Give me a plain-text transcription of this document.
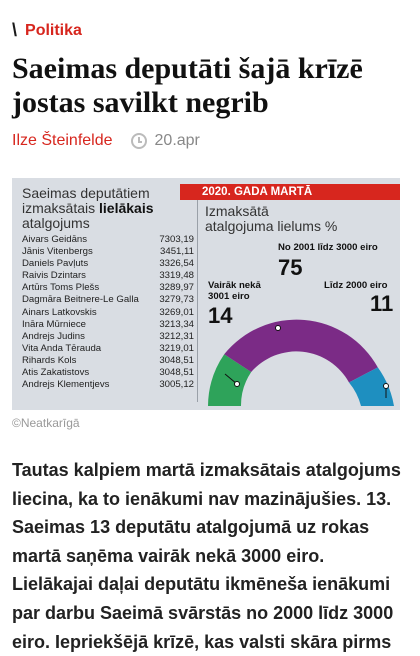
\ Politika
Saeimas deputāti šajā krīzē jostas savilkt negrib
Ilze Šteinfelde	20.apr
Saeimas deputātiem
izmaksātais lielākais
atalgojums
Aivars Geidāns	7303,19
Jānis Vitenbergs	3451,11
Daniels Pavļuts	3326,54
Raivis Dzintars	3319,48
Artūrs Toms Plešs	3289,97
Dagmāra Beitnere-Le Galla 3279,73
Ainars Latkovskis	3269,01
Ināra Mūrniece	3213,34
Andrejs Judins	3212,31
Vita Anda Tērauda	3219,01
Rihards Kols	3048,51
Atis Zakatistovs	3048,51
Andrejs Klementjevs	3005,12
2020. GADA MARTĀ
Izmaksātā
atalgojuma lielums %
Vairāk nekā
3001 eiro
14
No 2001 līdz 3000 eiro
75
Līdz 2000 eiro
11
©Neatkarīgā

Tautas kalpiem martā izmaksātais atalgojums liecina, ka to ienākumi nav mazinājušies. 13. Saeimas 13 deputātu atalgojumā uz rokas martā saņēma vairāk nekā 3000 eiro. Lielākajai daļai deputātu ikmēneša ienākumi par darbu Saeimā svārstās no 2000 līdz 3000 eiro. Iepriekšējā krīzē, kas valsti skāra pirms
